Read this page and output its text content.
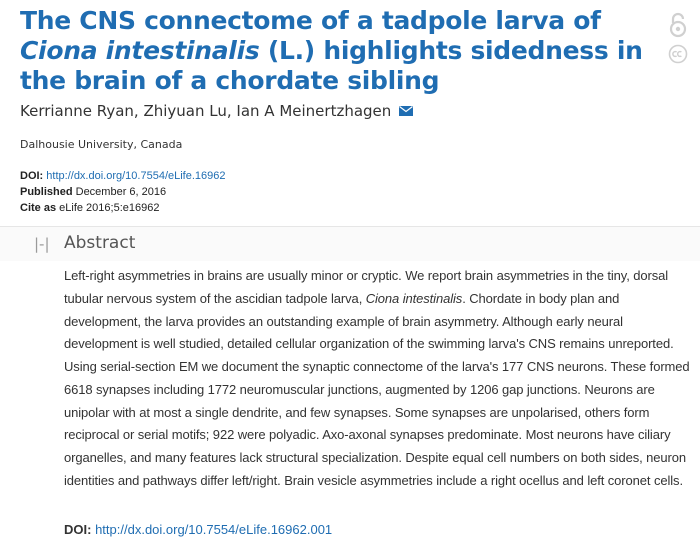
The CNS connectome of a tadpole larva of Ciona intestinalis (L.) highlights sidedness in the brain of a chordate sibling
Kerrianne Ryan, Zhiyuan Lu, Ian A Meinertzhagen
Dalhousie University, Canada
DOI: http://dx.doi.org/10.7554/eLife.16962
Published December 6, 2016
Cite as eLife 2016;5:e16962
|-| Abstract

Left-right asymmetries in brains are usually minor or cryptic. We report brain asymmetries in the tiny, dorsal tubular nervous system of the ascidian tadpole larva, Ciona intestinalis. Chordate in body plan and development, the larva provides an outstanding example of brain asymmetry. Although early neural development is well studied, detailed cellular organization of the swimming larva's CNS remains unreported. Using serial-section EM we document the synaptic connectome of the larva's 177 CNS neurons. These formed 6618 synapses including 1772 neuromuscular junctions, augmented by 1206 gap junctions. Neurons are unipolar with at most a single dendrite, and few synapses. Some synapses are unpolarised, others form reciprocal or serial motifs; 922 were polyadic. Axo-axonal synapses predominate. Most neurons have ciliary organelles, and many features lack structural specialization. Despite equal cell numbers on both sides, neuron identities and pathways differ left/right. Brain vesicle asymmetries include a right ocellus and left coronet cells.

DOI: http://dx.doi.org/10.7554/eLife.16962.001
